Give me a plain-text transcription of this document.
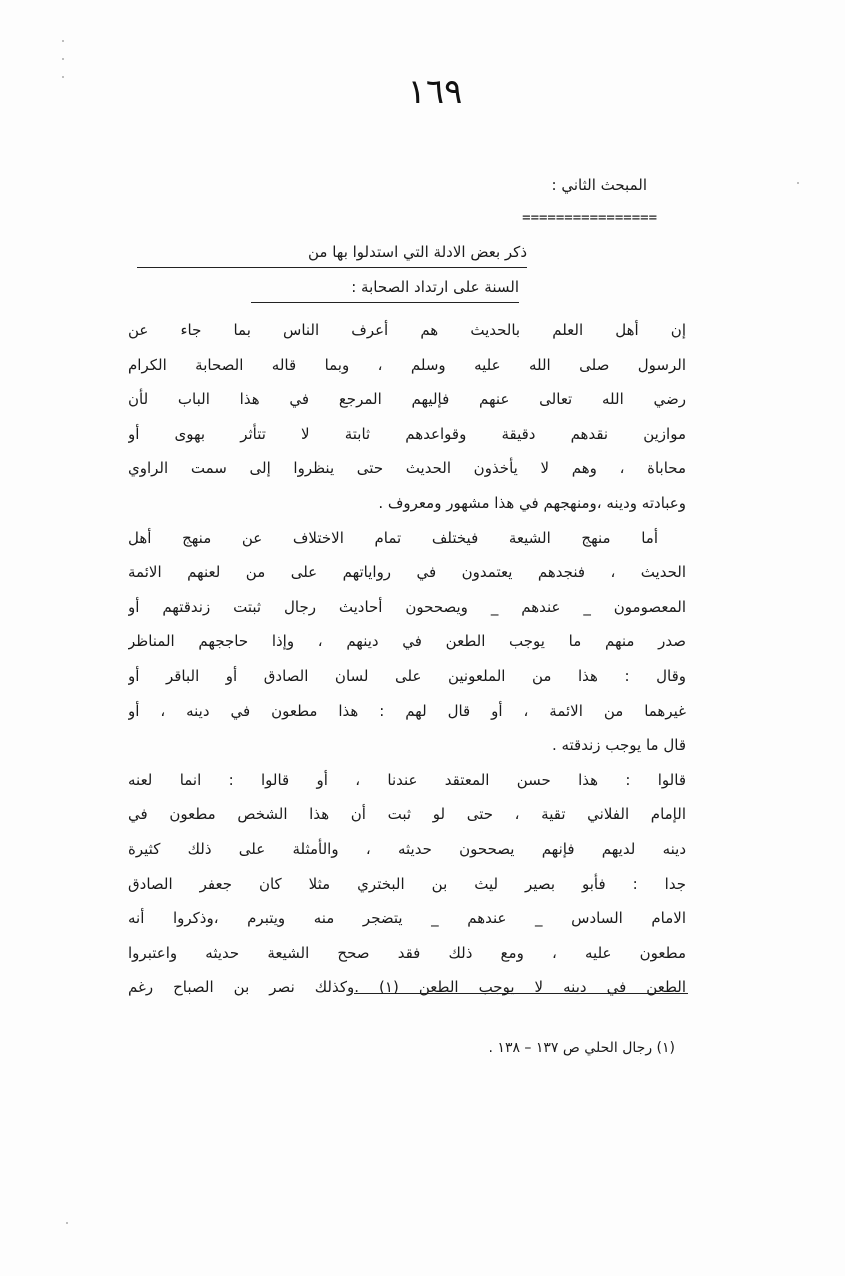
١٦٩
المبحث الثاني :
================
ذكر بعض الادلة التي استدلوا بها من
السنة على ارتداد الصحابة :
إن أهل العلم بالحديث هم أعرف الناس بما جاء عن
الرسول صلى الله عليه وسلم ، وبما قاله الصحابة الكرام
رضي الله تعالى عنهم فإليهم المرجع في هذا الباب لأن
موازين نقدهم دقيقة وقواعدهم ثابتة لا تتأثر بهوى أو
محاباة ، وهم لا يأخذون الحديث حتى ينظروا إلى سمت الراوي
وعبادته ودينه ،ومنهجهم في هذا مشهور ومعروف .
أما منهج الشيعة فيختلف تمام الاختلاف عن منهج أهل
الحديث ، فنجدهم يعتمدون في رواياتهم على من لعنهم الائمة
المعصومون _ عندهم _ ويصححون أحاديث رجال ثبتت زندقتهم أو
صدر منهم ما يوجب الطعن في دينهم ، وإذا حاججهم المناظر
وقال : هذا من الملعونين على لسان الصادق أو الباقر أو
غيرهما من الائمة ، أو قال لهم : هذا مطعون في دينه ، أو
قال ما يوجب زندقته .
قالوا : هذا حسن المعتقد عندنا ، أو قالوا : انما لعنه
الإمام الفلاني تقية ، حتى لو ثبت أن هذا الشخص مطعون في
دينه لديهم فإنهم يصححون حديثه ، والأمثلة على ذلك كثيرة
جدا : فأبو بصير ليث بن البختري مثلا كان جعفر الصادق
الامام السادس _ عندهم _ يتضجر منه ويتبرم ،وذكروا أنه
مطعون عليه ، ومع ذلك فقد صحح الشيعة حديثه واعتبروا
الطعن في دينه لا يوجب الطعن (١) .وكذلك نصر بن الصباح رغم
(١) رجال الحلي ص ١٣٧ – ١٣٨ .
